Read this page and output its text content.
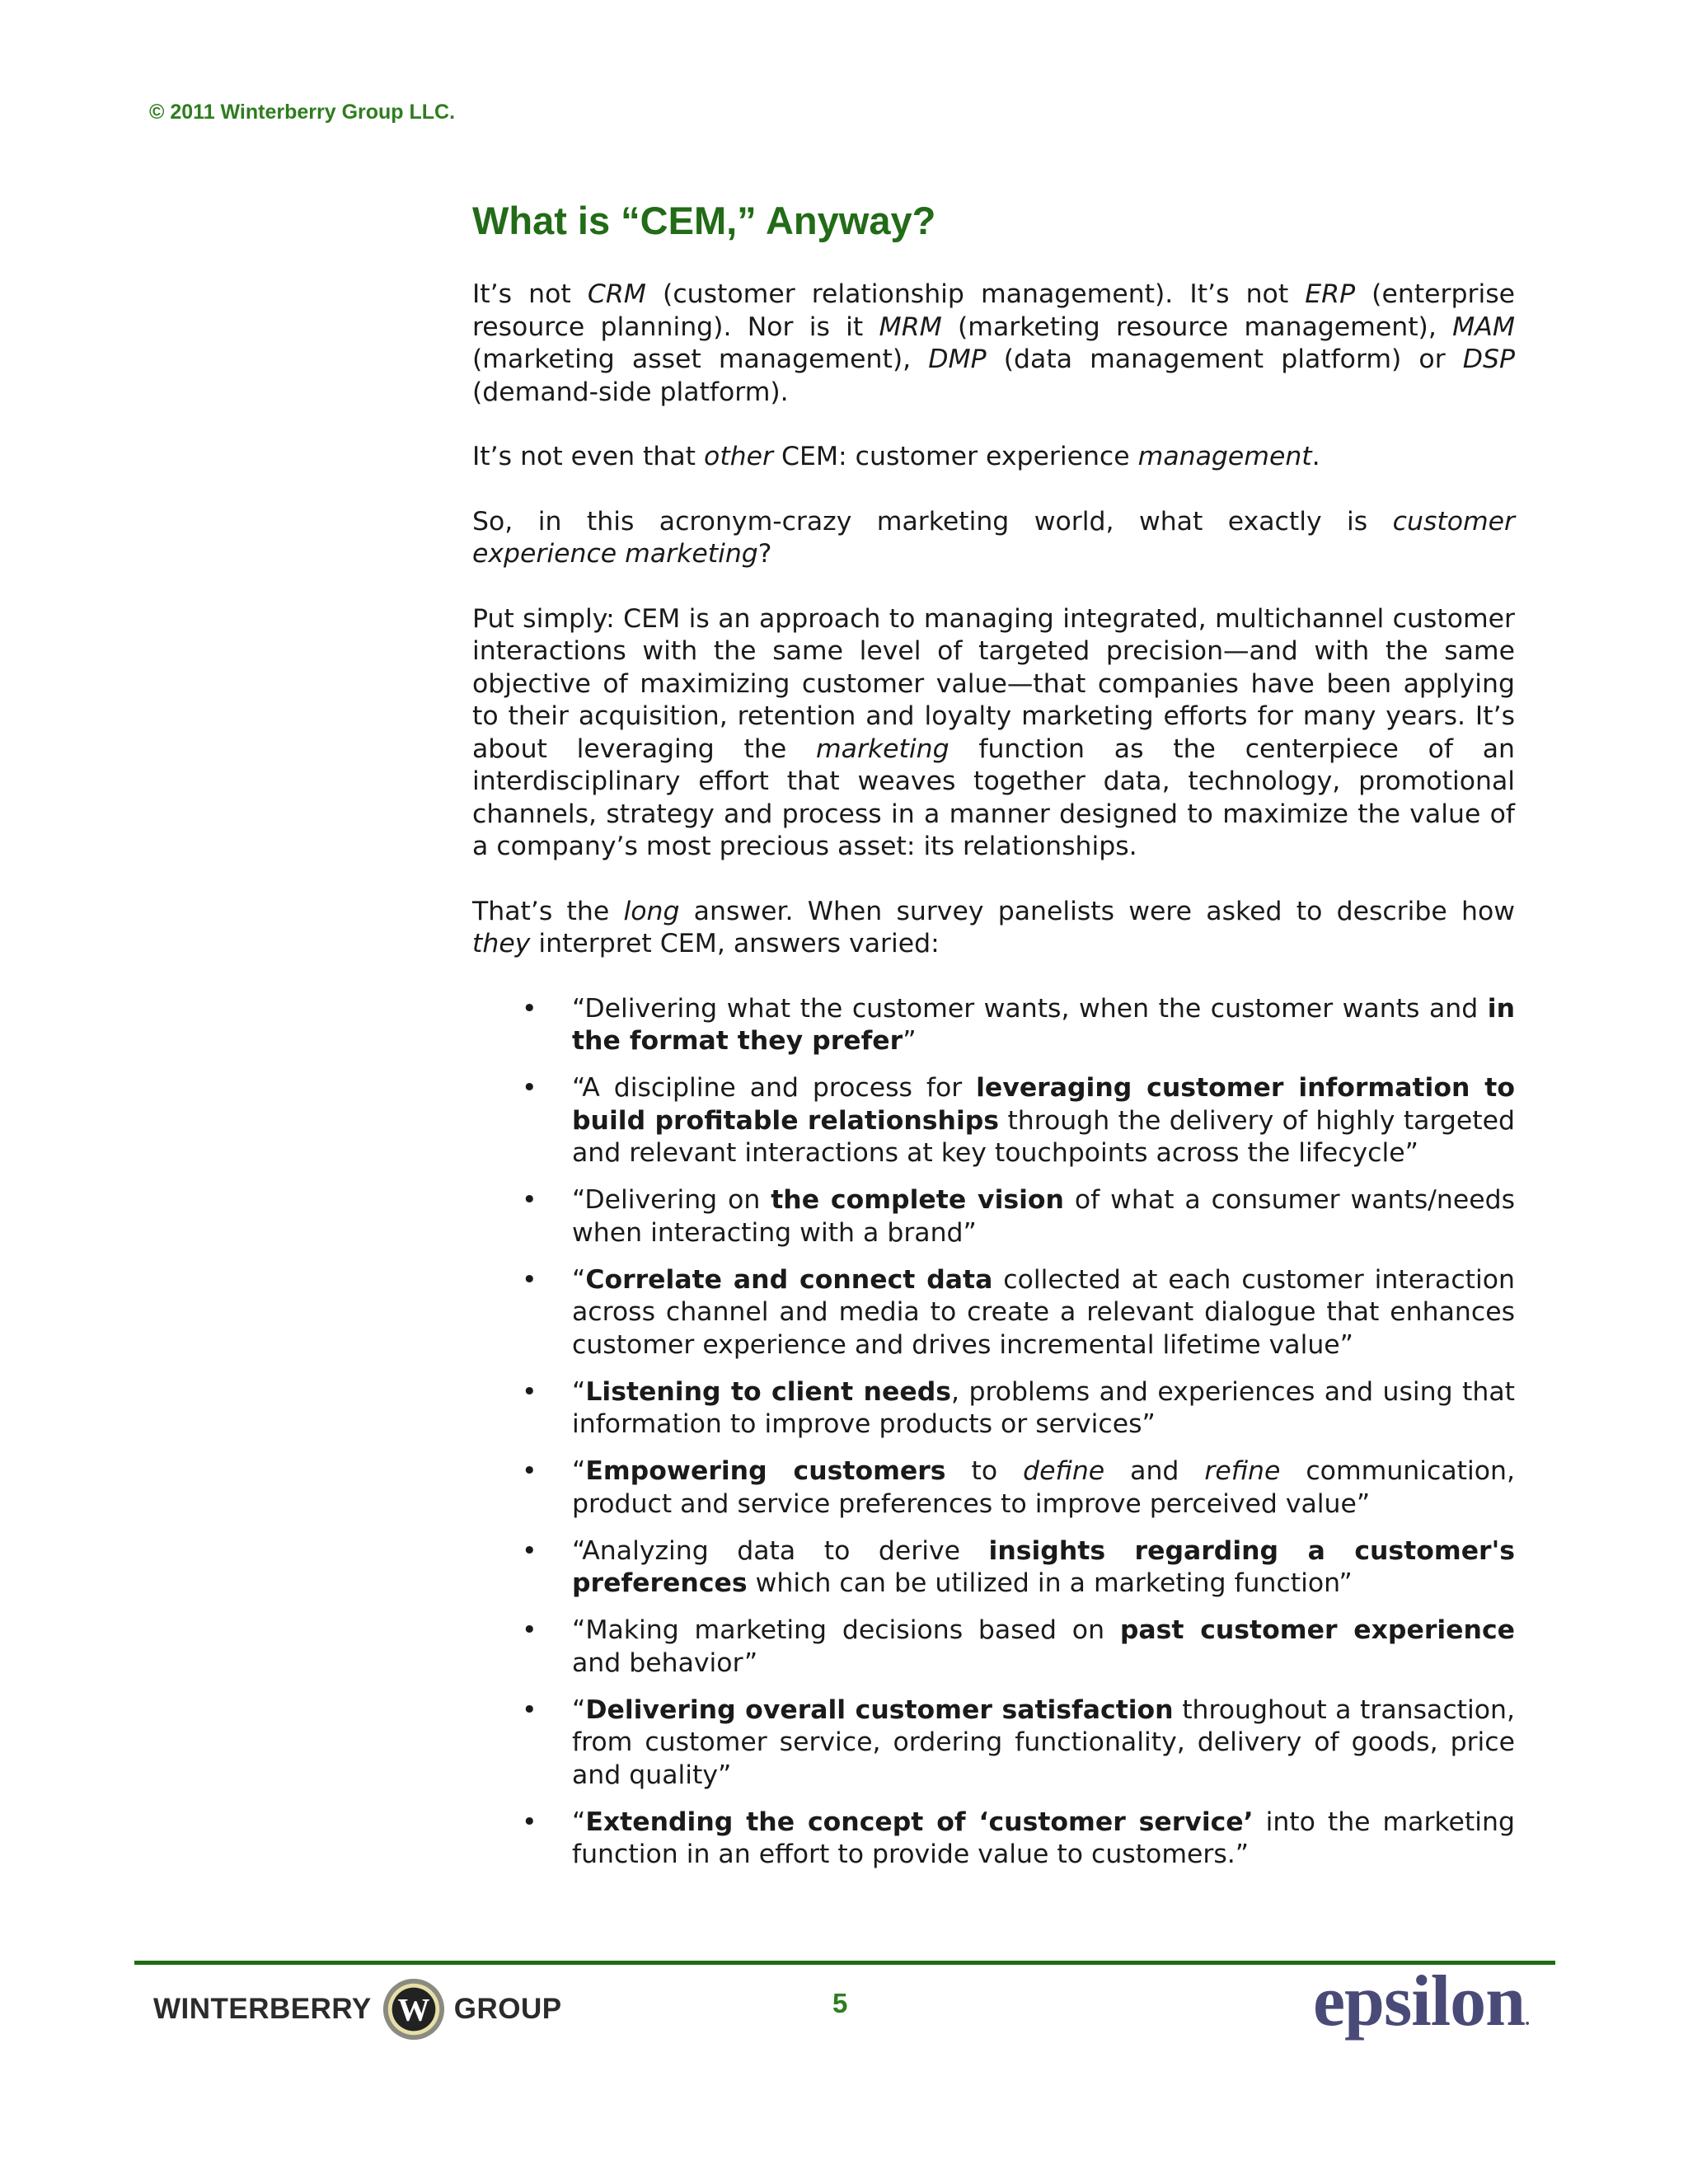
© 2011 Winterberry Group LLC.
What is “CEM,” Anyway?

It’s not CRM (customer relationship management). It’s not ERP (enterprise resource planning). Nor is it MRM (marketing resource management), MAM (marketing asset management), DMP (data management platform) or DSP (demand-side platform).

It’s not even that other CEM: customer experience management.

So, in this acronym-crazy marketing world, what exactly is customer experience marketing?

Put simply: CEM is an approach to managing integrated, multichannel customer interactions with the same level of targeted precision—and with the same objective of maximizing customer value—that companies have been applying to their acquisition, retention and loyalty marketing efforts for many years. It’s about leveraging the marketing function as the centerpiece of an interdisciplinary effort that weaves together data, technology, promotional channels, strategy and process in a manner designed to maximize the value of a company’s most precious asset: its relationships.

That’s the long answer. When survey panelists were asked to describe how they interpret CEM, answers varied:

• “Delivering what the customer wants, when the customer wants and in the format they prefer”
• “A discipline and process for leveraging customer information to build profitable relationships through the delivery of highly targeted and relevant interactions at key touchpoints across the lifecycle”
• “Delivering on the complete vision of what a consumer wants/needs when interacting with a brand”
• “Correlate and connect data collected at each customer interaction across channel and media to create a relevant dialogue that enhances customer experience and drives incremental lifetime value”
• “Listening to client needs, problems and experiences and using that information to improve products or services”
• “Empowering customers to define and refine communication, product and service preferences to improve perceived value”
• “Analyzing data to derive insights regarding a customer's preferences which can be utilized in a marketing function”
• “Making marketing decisions based on past customer experience and behavior”
• “Delivering overall customer satisfaction throughout a transaction, from customer service, ordering functionality, delivery of goods, price and quality”
• “Extending the concept of ‘customer service’ into the marketing function in an effort to provide value to customers.”
WINTERBERRY W GROUP	5	epsilon.
